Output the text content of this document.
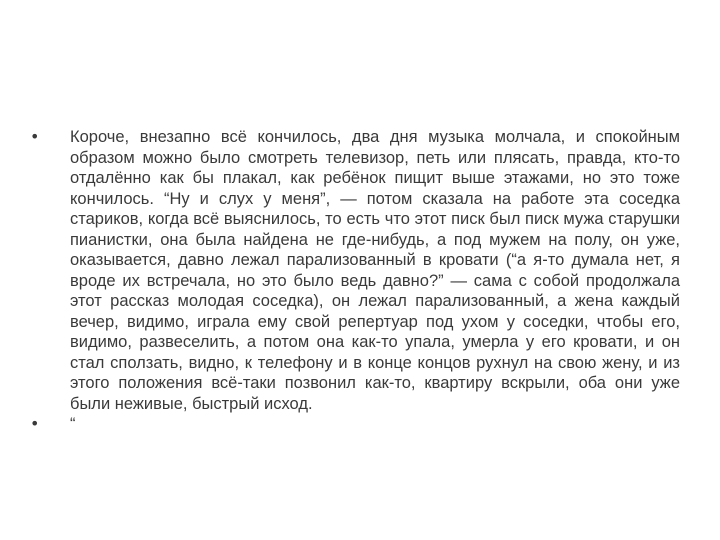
• Короче, внезапно всё кончилось, два дня музыка молчала, и спокойным образом можно было смотреть телевизор, петь или плясать, правда, кто-то отдалённо как бы плакал, как ребёнок пищит выше этажами, но это тоже кончилось. “Ну и слух у меня”, — потом сказала на работе эта соседка стариков, когда всё выяснилось, то есть что этот писк был писк мужа старушки пианистки, она была найдена не где-нибудь, а под мужем на полу, он уже, оказывается, давно лежал парализованный в кровати (“а я-то думала нет, я вроде их встречала, но это было ведь давно?” — сама с собой продолжала этот рассказ молодая соседка), он лежал парализованный, а жена каждый вечер, видимо, играла ему свой репертуар под ухом у соседки, чтобы его, видимо, развеселить, а потом она как-то упала, умерла у его кровати, и он стал сползать, видно, к телефону и в конце концов рухнул на свою жену, и из этого положения всё-таки позвонил как-то, квартиру вскрыли, оба они уже были неживые, быстрый исход.
• “
